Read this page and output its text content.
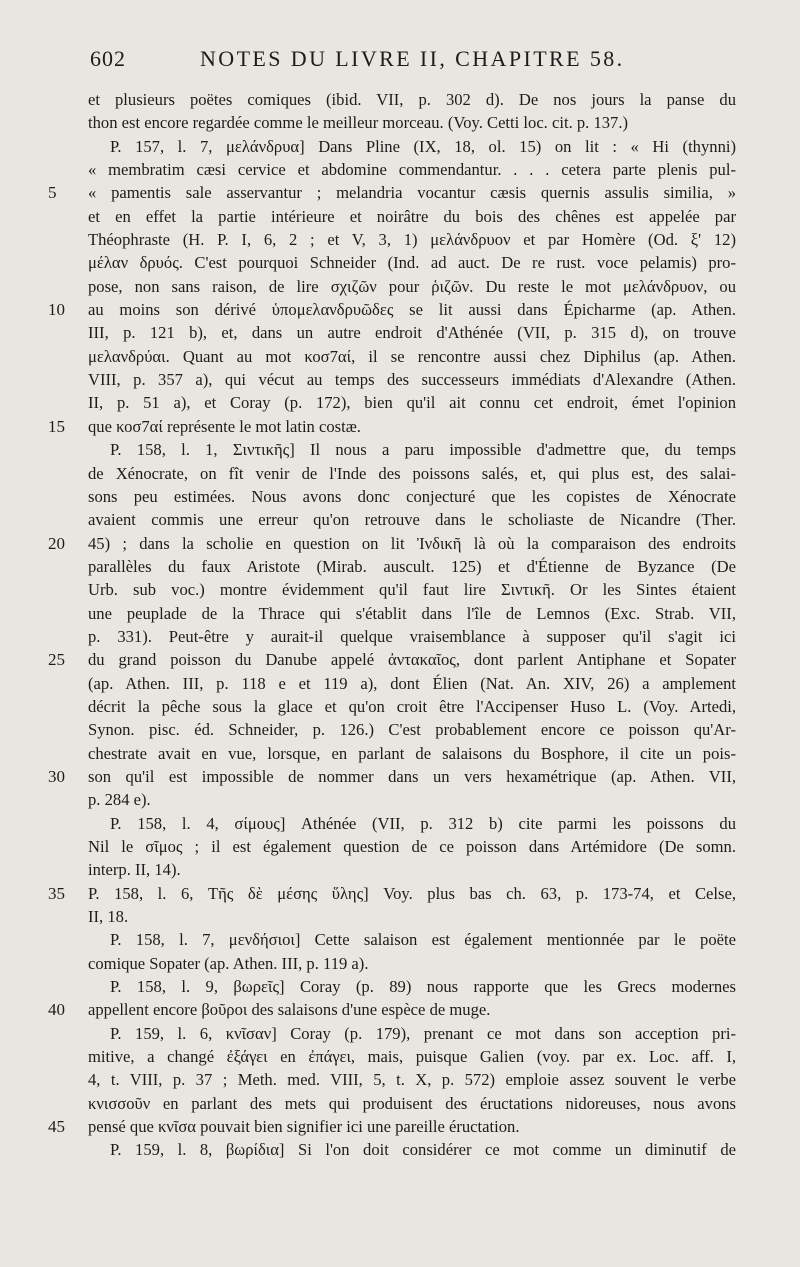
602	NOTES DU LIVRE II, CHAPITRE 58.
et plusieurs poëtes comiques (ibid. VII, p. 302 d). De nos jours la panse du
thon est encore regardée comme le meilleur morceau. (Voy. Cetti loc. cit. p. 137.)
P. 157, l. 7, μελάνδρυα] Dans Pline (IX, 18, ol. 15) on lit : « Hi (thynni)
« membratim cæsi cervice et abdomine commendantur. . . . cetera parte plenis pul-
5	« pamentis sale asservantur ; melandria vocantur cæsis quernis assulis similia, »
et en effet la partie intérieure et noirâtre du bois des chênes est appelée par
Théophraste (H. P. I, 6, 2 ; et V, 3, 1) μελάνδρυον et par Homère (Od. ξ' 12)
μέλαν δρυός. C'est pourquoi Schneider (Ind. ad auct. De re rust. voce pelamis) pro-
pose, non sans raison, de lire σχιζῶν pour ῥιζῶν. Du reste le mot μελάνδρυον, ou
10	au moins son dérivé ὑπομελανδρυῶδες se lit aussi dans Épicharme (ap. Athen.
III, p. 121 b), et, dans un autre endroit d'Athénée (VII, p. 315 d), on trouve
μελανδρύαι. Quant au mot κοσ7αί, il se rencontre aussi chez Diphilus (ap. Athen.
VIII, p. 357 a), qui vécut au temps des successeurs immédiats d'Alexandre (Athen.
II, p. 51 a), et Coray (p. 172), bien qu'il ait connu cet endroit, émet l'opinion
15	que κοσ7αί représente le mot latin costæ.
P. 158, l. 1, Σιντικῆς] Il nous a paru impossible d'admettre que, du temps
de Xénocrate, on fît venir de l'Inde des poissons salés, et, qui plus est, des salai-
sons peu estimées. Nous avons donc conjecturé que les copistes de Xénocrate
avaient commis une erreur qu'on retrouve dans le scholiaste de Nicandre (Ther.
20	45) ; dans la scholie en question on lit Ἰνδικῆ là où la comparaison des endroits
parallèles du faux Aristote (Mirab. auscult. 125) et d'Étienne de Byzance (De
Urb. sub voc.) montre évidemment qu'il faut lire Σιντικῆ. Or les Sintes étaient
une peuplade de la Thrace qui s'établit dans l'île de Lemnos (Exc. Strab. VII,
p. 331). Peut-être y aurait-il quelque vraisemblance à supposer qu'il s'agit ici
25	du grand poisson du Danube appelé ἀντακαῖος, dont parlent Antiphane et Sopater
(ap. Athen. III, p. 118 e et 119 a), dont Élien (Nat. An. XIV, 26) a amplement
décrit la pêche sous la glace et qu'on croit être l'Accipenser Huso L. (Voy. Artedi,
Synon. pisc. éd. Schneider, p. 126.) C'est probablement encore ce poisson qu'Ar-
chestrate avait en vue, lorsque, en parlant de salaisons du Bosphore, il cite un pois-
30	son qu'il est impossible de nommer dans un vers hexamétrique (ap. Athen. VII,
p. 284 e).
P. 158, l. 4, σίμους] Athénée (VII, p. 312 b) cite parmi les poissons du
Nil le σῖμος ; il est également question de ce poisson dans Artémidore (De somn.
interp. II, 14).
35	P. 158, l. 6, Τῆς δὲ μέσης ὕλης] Voy. plus bas ch. 63, p. 173-74, et Celse,
II, 18.
P. 158, l. 7, μενδήσιοι] Cette salaison est également mentionnée par le poëte
comique Sopater (ap. Athen. III, p. 119 a).
P. 158, l. 9, βωρεῖς] Coray (p. 89) nous rapporte que les Grecs modernes
40	appellent encore βοῦροι des salaisons d'une espèce de muge.
P. 159, l. 6, κνῖσαν] Coray (p. 179), prenant ce mot dans son acception pri-
mitive, a changé ἐξάγει en ἐπάγει, mais, puisque Galien (voy. par ex. Loc. aff. I,
4, t. VIII, p. 37 ; Meth. med. VIII, 5, t. X, p. 572) emploie assez souvent le verbe
κνισσοῦν en parlant des mets qui produisent des éructations nidoreuses, nous avons
45	pensé que κνῖσα pouvait bien signifier ici une pareille éructation.
P. 159, l. 8, βωρίδια] Si l'on doit considérer ce mot comme un diminutif de
